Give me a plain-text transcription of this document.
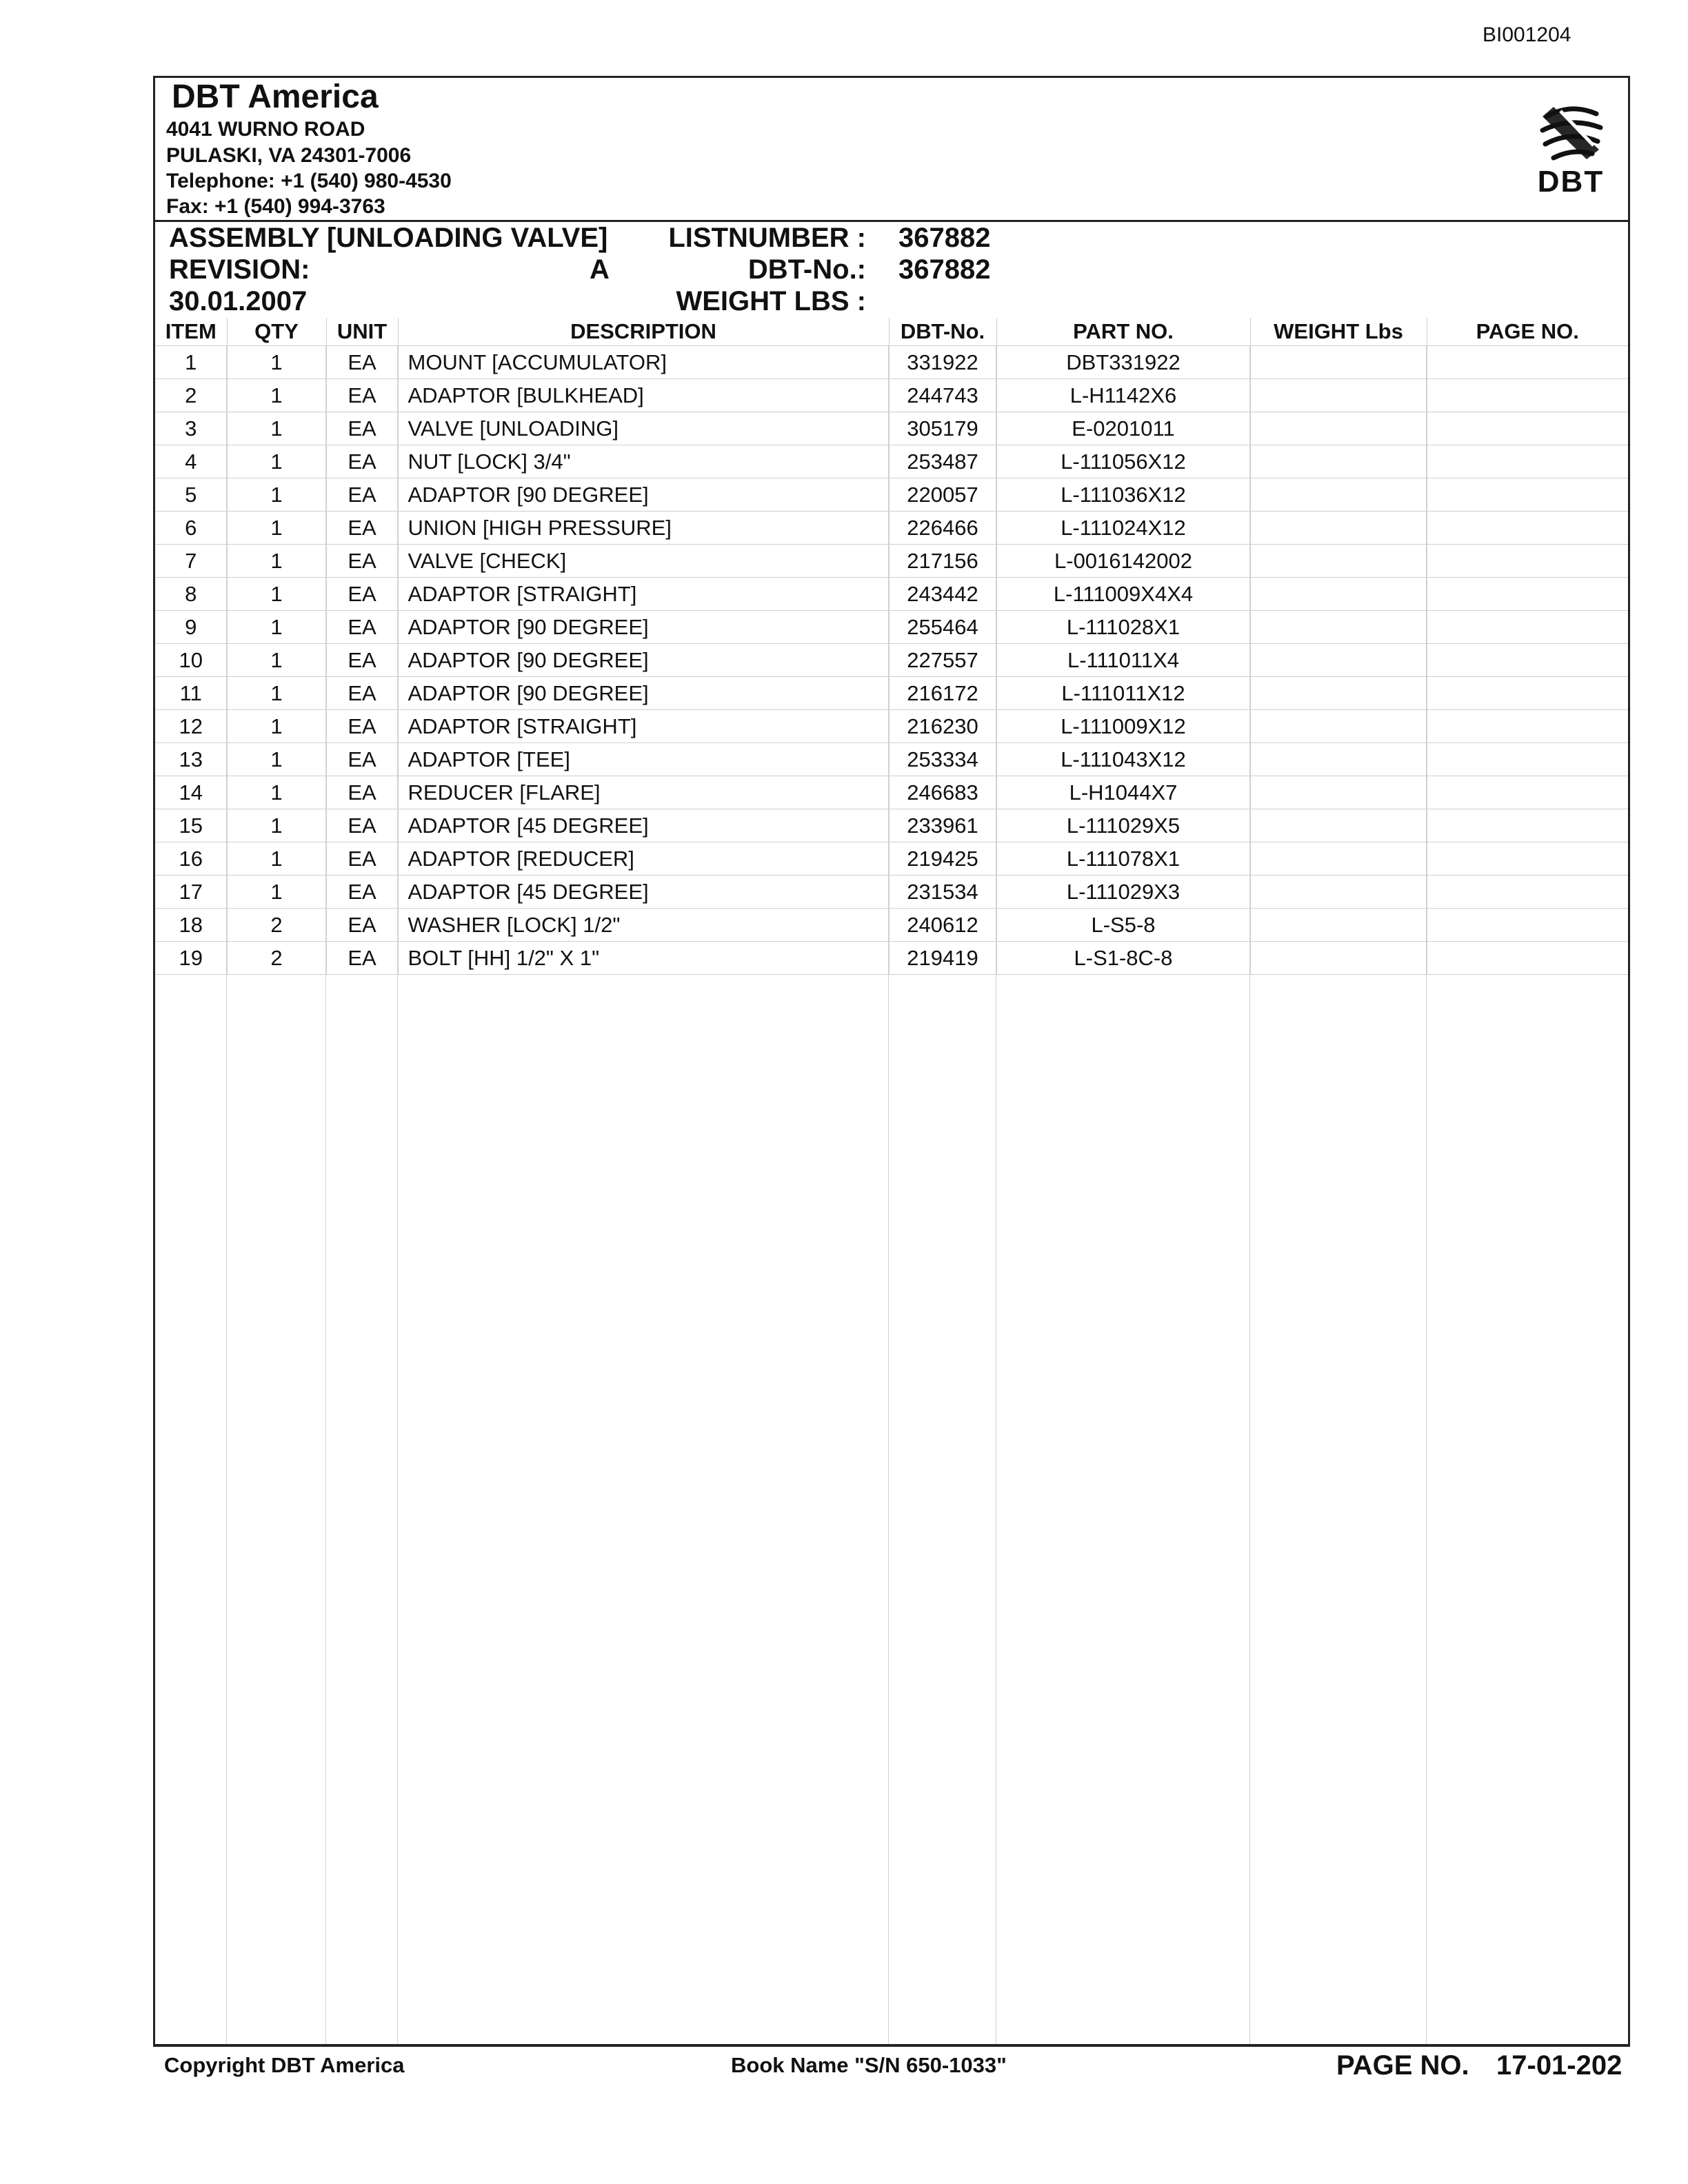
BI001204
DBT America
4041 WURNO ROAD
PULASKI, VA 24301-7006
Telephone: +1 (540) 980-4530
Fax: +1 (540) 994-3763
DBT
ASSEMBLY [UNLOADING VALVE]
REVISION:	A
30.01.2007
LISTNUMBER : 367882
DBT-No.: 367882
WEIGHT LBS :
ITEM	QTY	UNIT	DESCRIPTION	DBT-No.	PART NO.	WEIGHT Lbs	PAGE NO.
1	1	EA	MOUNT [ACCUMULATOR]	331922	DBT331922		
2	1	EA	ADAPTOR [BULKHEAD]	244743	L-H1142X6		
3	1	EA	VALVE [UNLOADING]	305179	E-0201011		
4	1	EA	NUT [LOCK] 3/4"	253487	L-111056X12		
5	1	EA	ADAPTOR [90 DEGREE]	220057	L-111036X12		
6	1	EA	UNION [HIGH PRESSURE]	226466	L-111024X12		
7	1	EA	VALVE [CHECK]	217156	L-0016142002		
8	1	EA	ADAPTOR [STRAIGHT]	243442	L-111009X4X4		
9	1	EA	ADAPTOR [90 DEGREE]	255464	L-111028X1		
10	1	EA	ADAPTOR [90 DEGREE]	227557	L-111011X4		
11	1	EA	ADAPTOR [90 DEGREE]	216172	L-111011X12		
12	1	EA	ADAPTOR [STRAIGHT]	216230	L-111009X12		
13	1	EA	ADAPTOR [TEE]	253334	L-111043X12		
14	1	EA	REDUCER [FLARE]	246683	L-H1044X7		
15	1	EA	ADAPTOR [45 DEGREE]	233961	L-111029X5		
16	1	EA	ADAPTOR [REDUCER]	219425	L-111078X1		
17	1	EA	ADAPTOR [45 DEGREE]	231534	L-111029X3		
18	2	EA	WASHER [LOCK] 1/2"	240612	L-S5-8		
19	2	EA	BOLT [HH] 1/2" X 1"	219419	L-S1-8C-8		
Copyright DBT America	Book Name "S/N 650-1033"	PAGE NO. 17-01-202
